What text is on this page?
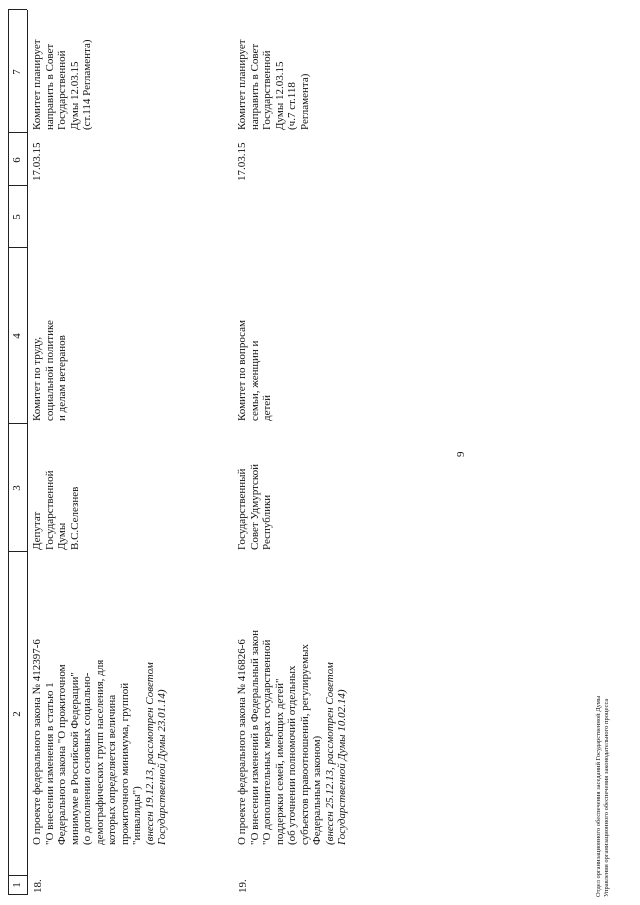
9
1
2
3
4
5
6
7
18.

О проекте федерального закона № 412397-6 "О внесении изменения в статью 1 Федерального закона "О прожиточном минимуме в Российской Федерации" (о дополнении основных социально- демографических групп населения, для которых определяется величина прожиточного минимума, группой "инвалиды") (внесен 19.12.13, рассмотрен Советом Государственной Думы 23.01.14)

Депутат Государственной Думы В.С.Селезнев

Комитет по труду, социальной политике и делам ветеранов

17.03.15

Комитет планирует направить в Совет Государственной Думы 12.03.15 (ст.114 Регламента)

19.

О проекте федерального закона № 416826-6 "О внесении изменений в Федеральный закон "О дополнительных мерах государственной поддержки семей, имеющих детей" (об уточнении полномочий отдельных субъектов правоотношений, регулируемых Федеральным законом) (внесен 25.12.13, рассмотрен Советом Государственной Думы 10.02.14)

Государственный Совет Удмуртской Республики

Комитет по вопросам семьи, женщин и детей

17.03.15

Комитет планирует направить в Совет Государственной Думы 12.03.15 (ч.7 ст.118 Регламента)

Отдел организационного обеспечения заседаний Государственной Думы Управления организационного обеспечения законодательного процесса
